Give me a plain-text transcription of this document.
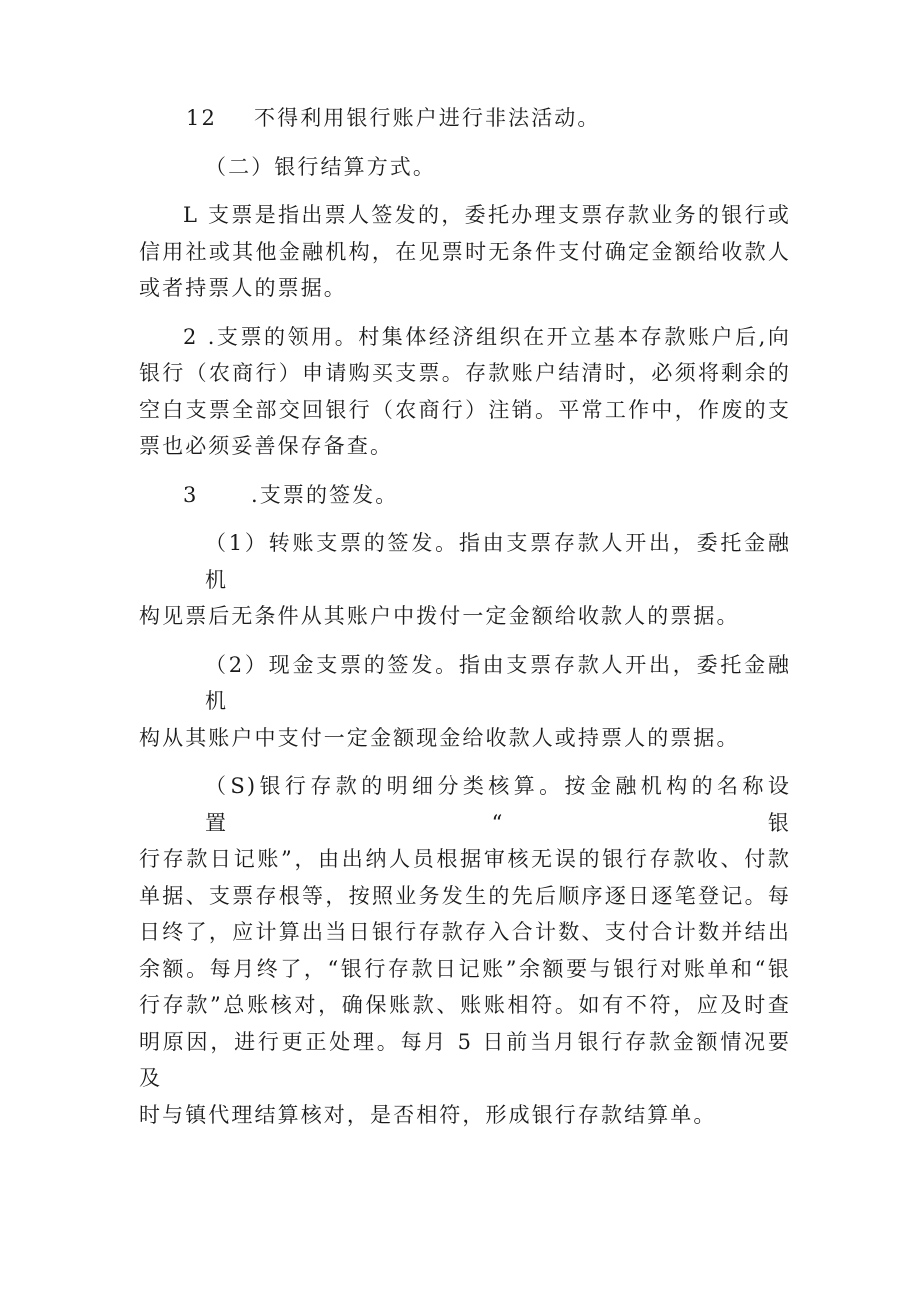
12 不得利用银行账户进行非法活动。

（二）银行结算方式。

L 支票是指出票人签发的，委托办理支票存款业务的银行或
信用社或其他金融机构，在见票时无条件支付确定金额给收款人
或者持票人的票据。

2 .支票的领用。村集体经济组织在开立基本存款账户后,向
银行（农商行）申请购买支票。存款账户结清时，必须将剩余的
空白支票全部交回银行（农商行）注销。平常工作中，作废的支
票也必须妥善保存备查。

3	.支票的签发。

（1）转账支票的签发。指由支票存款人开出，委托金融机
构见票后无条件从其账户中拨付一定金额给收款人的票据。

（2）现金支票的签发。指由支票存款人开出，委托金融机
构从其账户中支付一定金额现金给收款人或持票人的票据。

（S)银行存款的明细分类核算。按金融机构的名称设置“银
行存款日记账”，由出纳人员根据审核无误的银行存款收、付款
单据、支票存根等，按照业务发生的先后顺序逐日逐笔登记。每
日终了，应计算出当日银行存款存入合计数、支付合计数并结出
余额。每月终了，“银行存款日记账”余额要与银行对账单和“银
行存款”总账核对，确保账款、账账相符。如有不符，应及时查
明原因，进行更正处理。每月 5 日前当月银行存款金额情况要及
时与镇代理结算核对，是否相符，形成银行存款结算单。
